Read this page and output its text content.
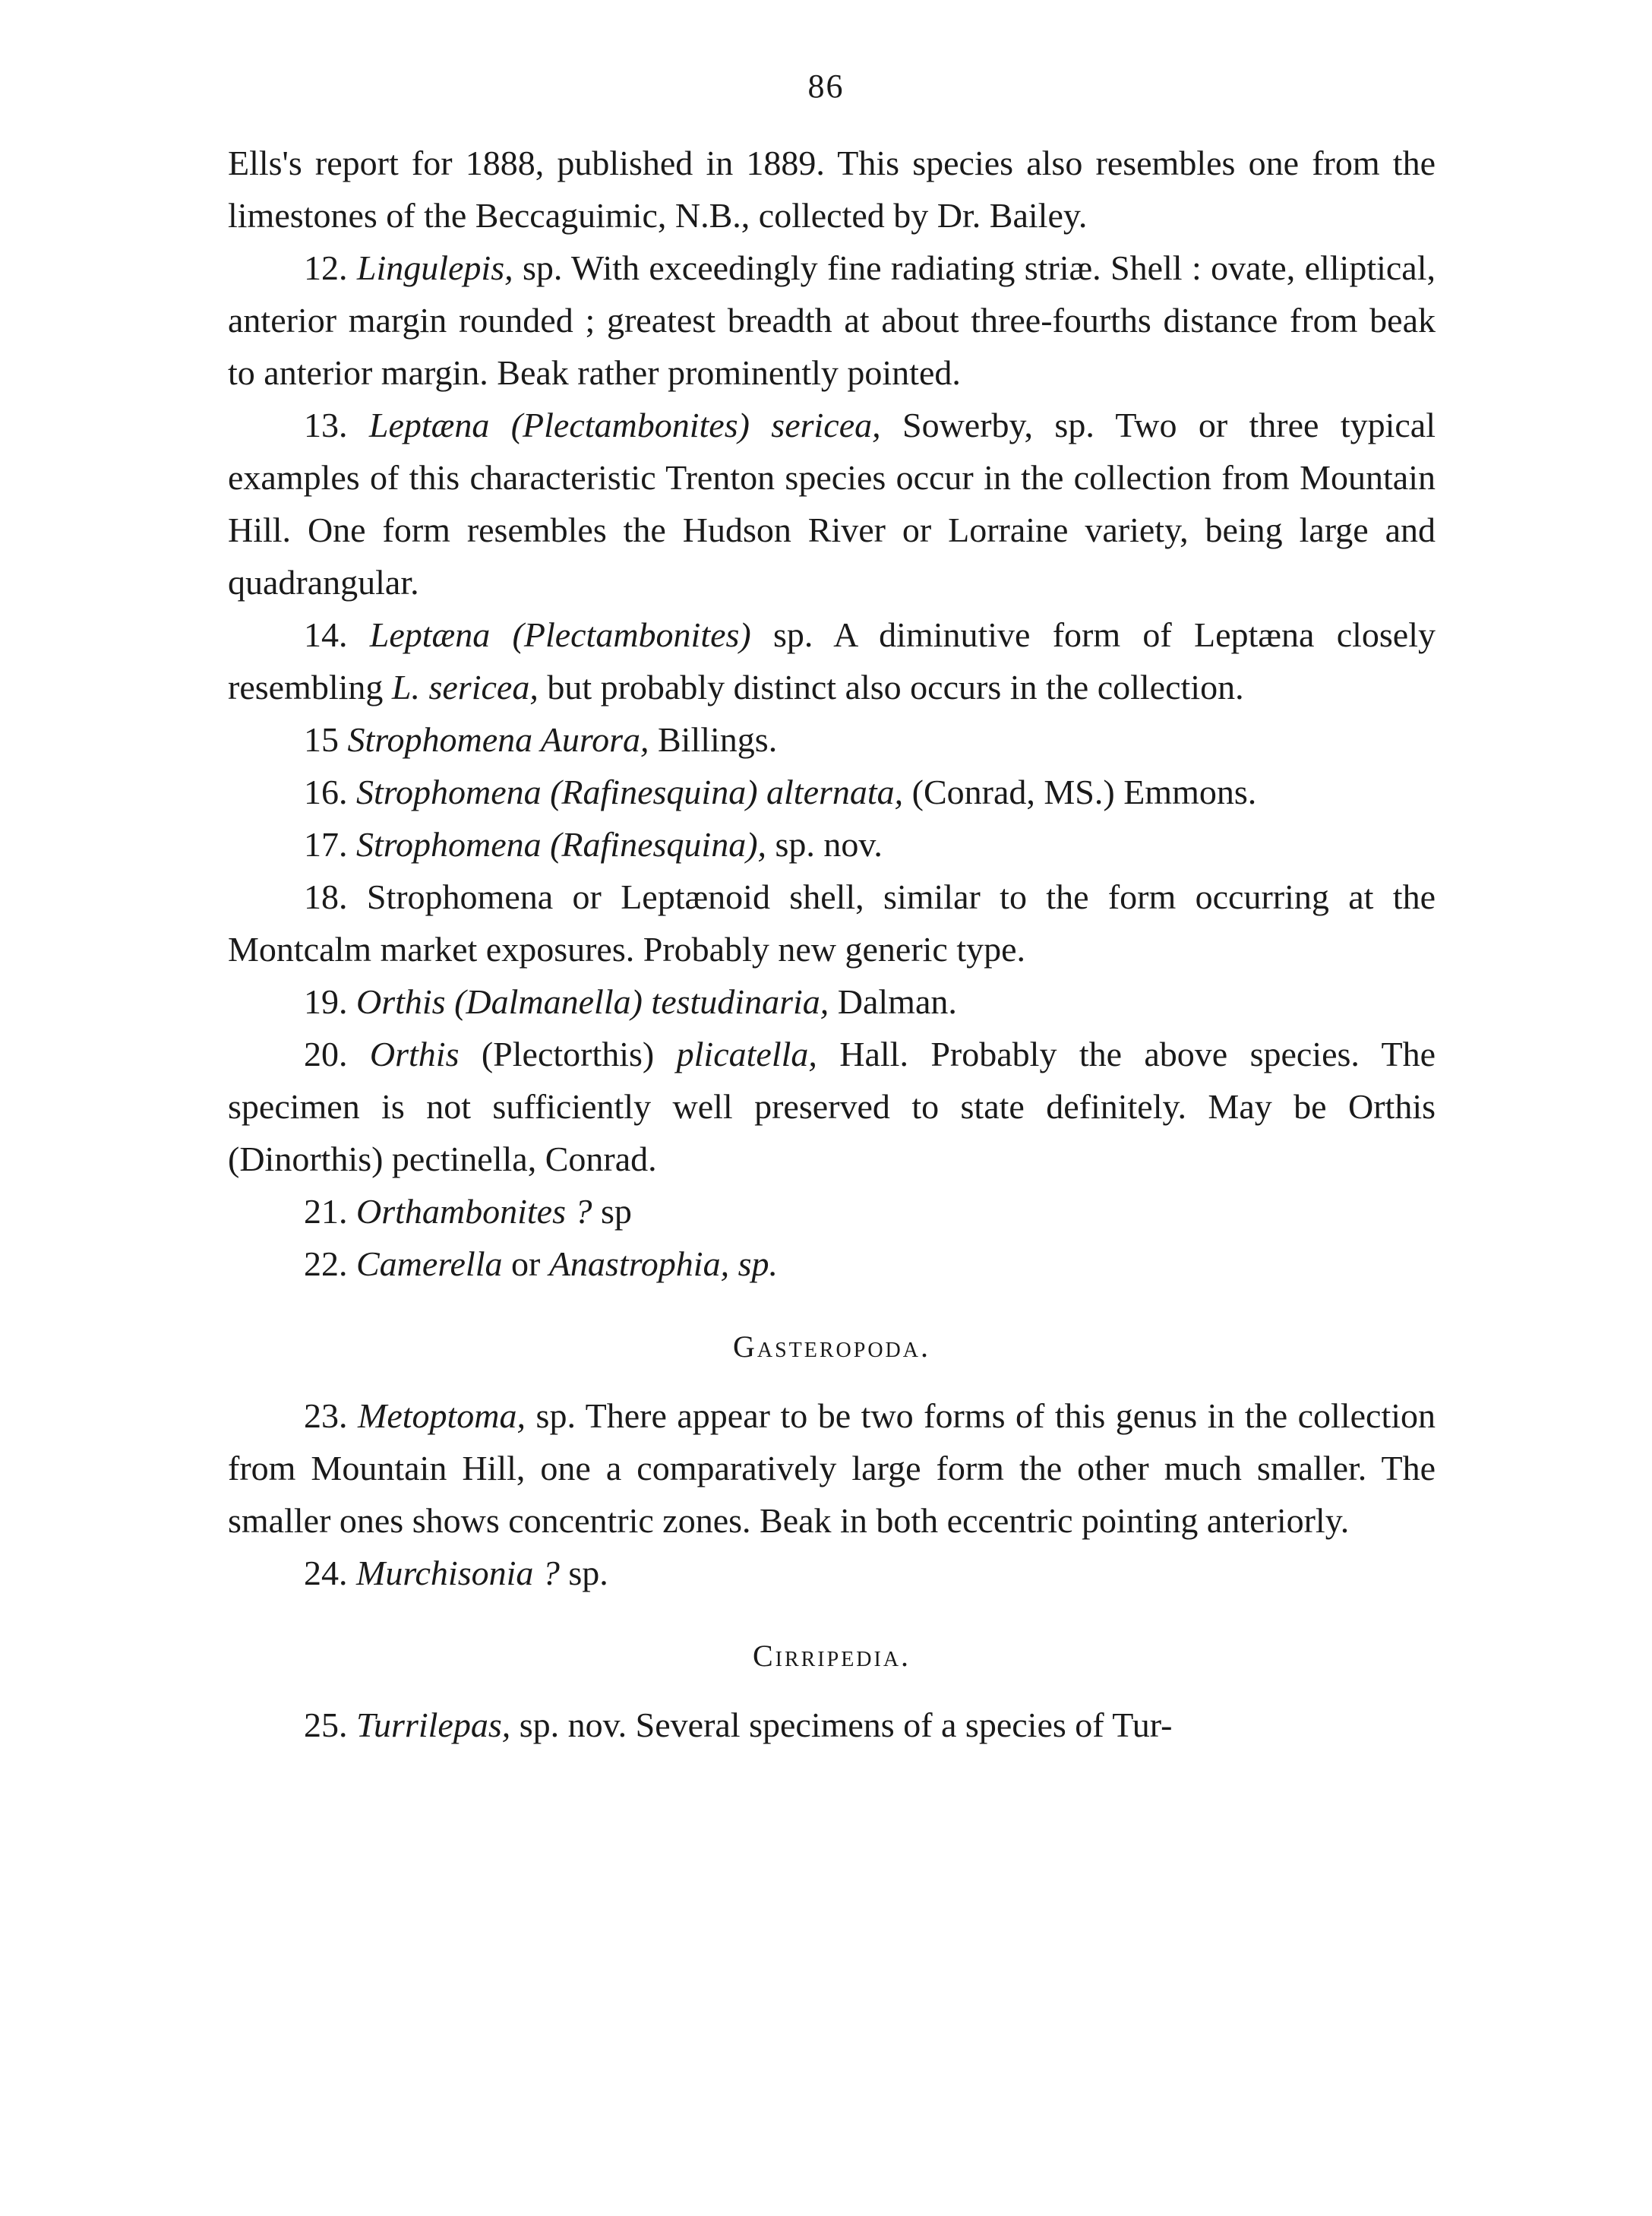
86

Ells's report for 1888, published in 1889. This species also resembles one from the limestones of the Beccaguimic, N.B., collected by Dr. Bailey.

12. Lingulepis, sp. With exceedingly fine radiating striæ. Shell : ovate, elliptical, anterior margin rounded ; greatest breadth at about three-fourths distance from beak to anterior margin. Beak rather prominently pointed.

13. Leptæna (Plectambonites) sericea, Sowerby, sp. Two or three typical examples of this characteristic Trenton species occur in the collection from Mountain Hill. One form resembles the Hudson River or Lorraine variety, being large and quadrangular.

14. Leptæna (Plectambonites) sp. A diminutive form of Leptæna closely resembling L. sericea, but probably distinct also occurs in the collection.

15 Strophomena Aurora, Billings.

16. Strophomena (Rafinesquina) alternata, (Conrad, MS.) Emmons.

17. Strophomena (Rafinesquina), sp. nov.

18. Strophomena or Leptænoid shell, similar to the form occurring at the Montcalm market exposures. Probably new generic type.

19. Orthis (Dalmanella) testudinaria, Dalman.

20. Orthis (Plectorthis) plicatella, Hall. Probably the above species. The specimen is not sufficiently well preserved to state definitely. May be Orthis (Dinorthis) pectinella, Conrad.

21. Orthambonites ? sp

22. Camerella or Anastrophia, sp.

Gasteropoda.

23. Metoptoma, sp. There appear to be two forms of this genus in the collection from Mountain Hill, one a comparatively large form the other much smaller. The smaller ones shows concentric zones. Beak in both eccentric pointing anteriorly.

24. Murchisonia ? sp.

Cirripedia.

25. Turrilepas, sp. nov. Several specimens of a species of Tur-
